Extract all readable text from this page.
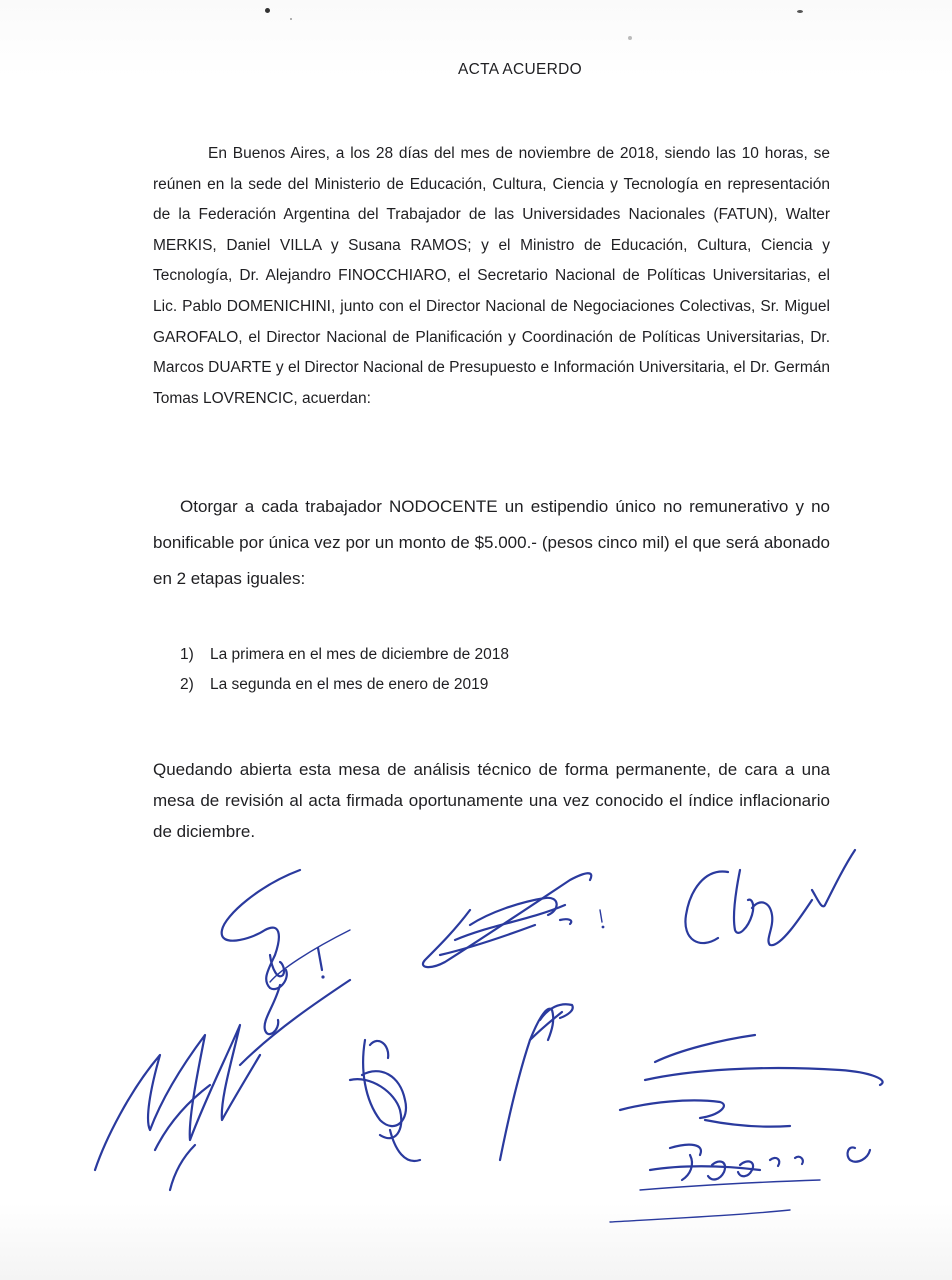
ACTA ACUERDO
En Buenos Aires, a los 28 días del mes de noviembre de 2018, siendo las 10 horas, se reúnen en la sede del Ministerio de Educación, Cultura, Ciencia y Tecnología en representación de la Federación Argentina del Trabajador de las Universidades Nacionales (FATUN), Walter MERKIS, Daniel VILLA y Susana RAMOS; y el Ministro de Educación, Cultura, Ciencia y Tecnología, Dr. Alejandro FINOCCHIARO, el Secretario Nacional de Políticas Universitarias, el Lic. Pablo DOMENICHINI, junto con el Director Nacional de Negociaciones Colectivas, Sr. Miguel GAROFALO, el Director Nacional de Planificación y Coordinación de Políticas Universitarias, Dr. Marcos DUARTE y el Director Nacional de Presupuesto e Información Universitaria, el Dr. Germán Tomas LOVRENCIC, acuerdan:
Otorgar a cada trabajador NODOCENTE un estipendio único no remunerativo y no bonificable por única vez por un monto de $5.000.- (pesos cinco mil) el que será abonado en 2 etapas iguales:
1)	La primera en el mes de diciembre de 2018
2)	La segunda en el mes de enero de 2019
Quedando abierta esta mesa de análisis técnico de forma permanente, de cara a una mesa de revisión al acta firmada oportunamente una vez conocido el índice inflacionario de diciembre.
